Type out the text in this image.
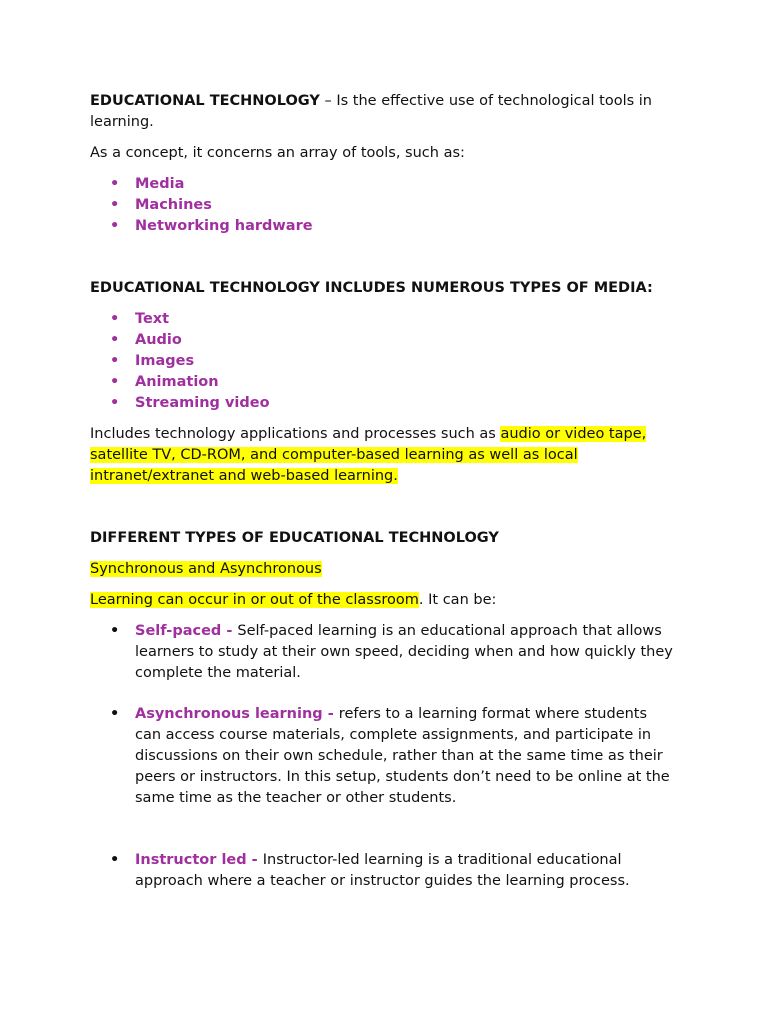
EDUCATIONAL TECHNOLOGY – Is the effective use of technological tools in learning.

As a concept, it concerns an array of tools, such as:

• Media
• Machines
• Networking hardware

EDUCATIONAL TECHNOLOGY INCLUDES NUMEROUS TYPES OF MEDIA:

• Text
• Audio
• Images
• Animation
• Streaming video

Includes technology applications and processes such as audio or video tape, satellite TV, CD-ROM, and computer-based learning as well as local intranet/extranet and web-based learning.

DIFFERENT TYPES OF EDUCATIONAL TECHNOLOGY

Synchronous and Asynchronous

Learning can occur in or out of the classroom. It can be:

• Self-paced - Self-paced learning is an educational approach that allows learners to study at their own speed, deciding when and how quickly they complete the material.
• Asynchronous learning - refers to a learning format where students can access course materials, complete assignments, and participate in discussions on their own schedule, rather than at the same time as their peers or instructors. In this setup, students don’t need to be online at the same time as the teacher or other students.
• Instructor led - Instructor-led learning is a traditional educational approach where a teacher or instructor guides the learning process.
